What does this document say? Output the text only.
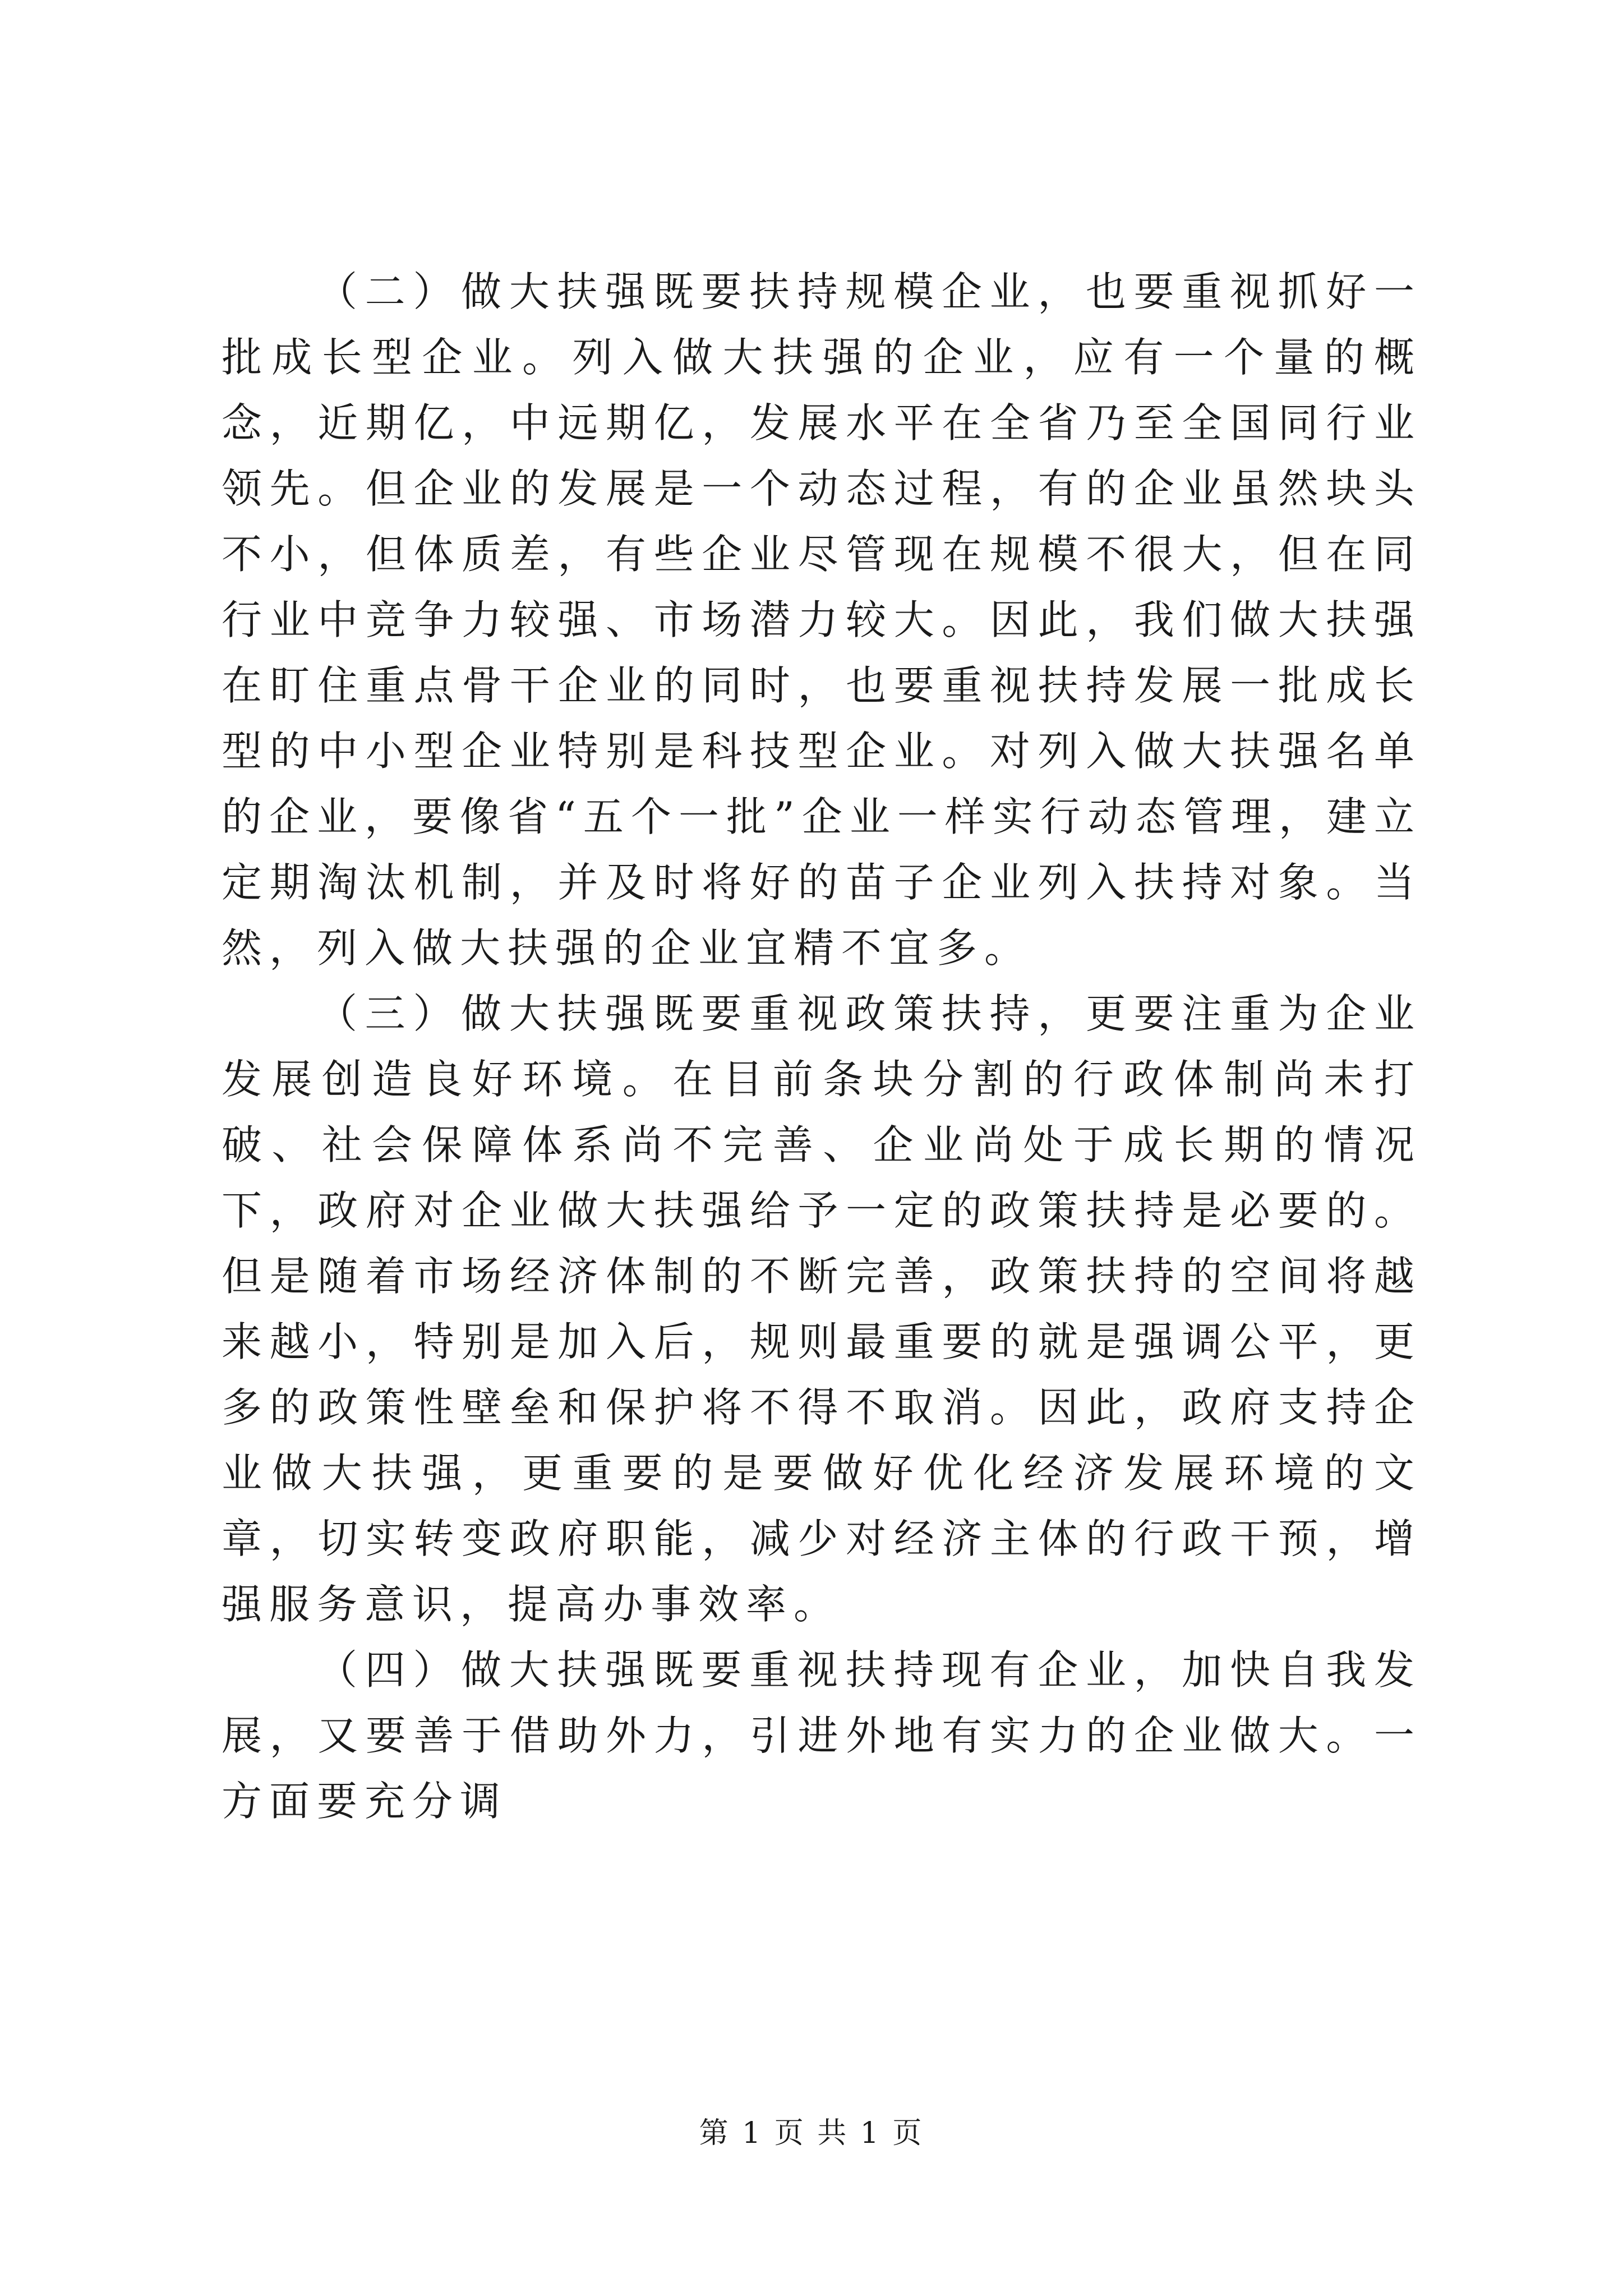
（二）做大扶强既要扶持规模企业，也要重视抓好一批成长型企业。列入做大扶强的企业，应有一个量的概念，近期亿，中远期亿，发展水平在全省乃至全国同行业领先。但企业的发展是一个动态过程，有的企业虽然块头不小，但体质差，有些企业尽管现在规模不很大，但在同行业中竞争力较强、市场潜力较大。因此，我们做大扶强在盯住重点骨干企业的同时，也要重视扶持发展一批成长型的中小型企业特别是科技型企业。对列入做大扶强名单的企业，要像省“五个一批”企业一样实行动态管理，建立定期淘汰机制，并及时将好的苗子企业列入扶持对象。当然，列入做大扶强的企业宜精不宜多。

（三）做大扶强既要重视政策扶持，更要注重为企业发展创造良好环境。在目前条块分割的行政体制尚未打破、社会保障体系尚不完善、企业尚处于成长期的情况下，政府对企业做大扶强给予一定的政策扶持是必要的。但是随着市场经济体制的不断完善，政策扶持的空间将越来越小，特别是加入后，规则最重要的就是强调公平，更多的政策性壁垒和保护将不得不取消。因此，政府支持企业做大扶强，更重要的是要做好优化经济发展环境的文章，切实转变政府职能，减少对经济主体的行政干预，增强服务意识，提高办事效率。

（四）做大扶强既要重视扶持现有企业，加快自我发展，又要善于借助外力，引进外地有实力的企业做大。一方面要充分调

第 1 页 共 1 页
